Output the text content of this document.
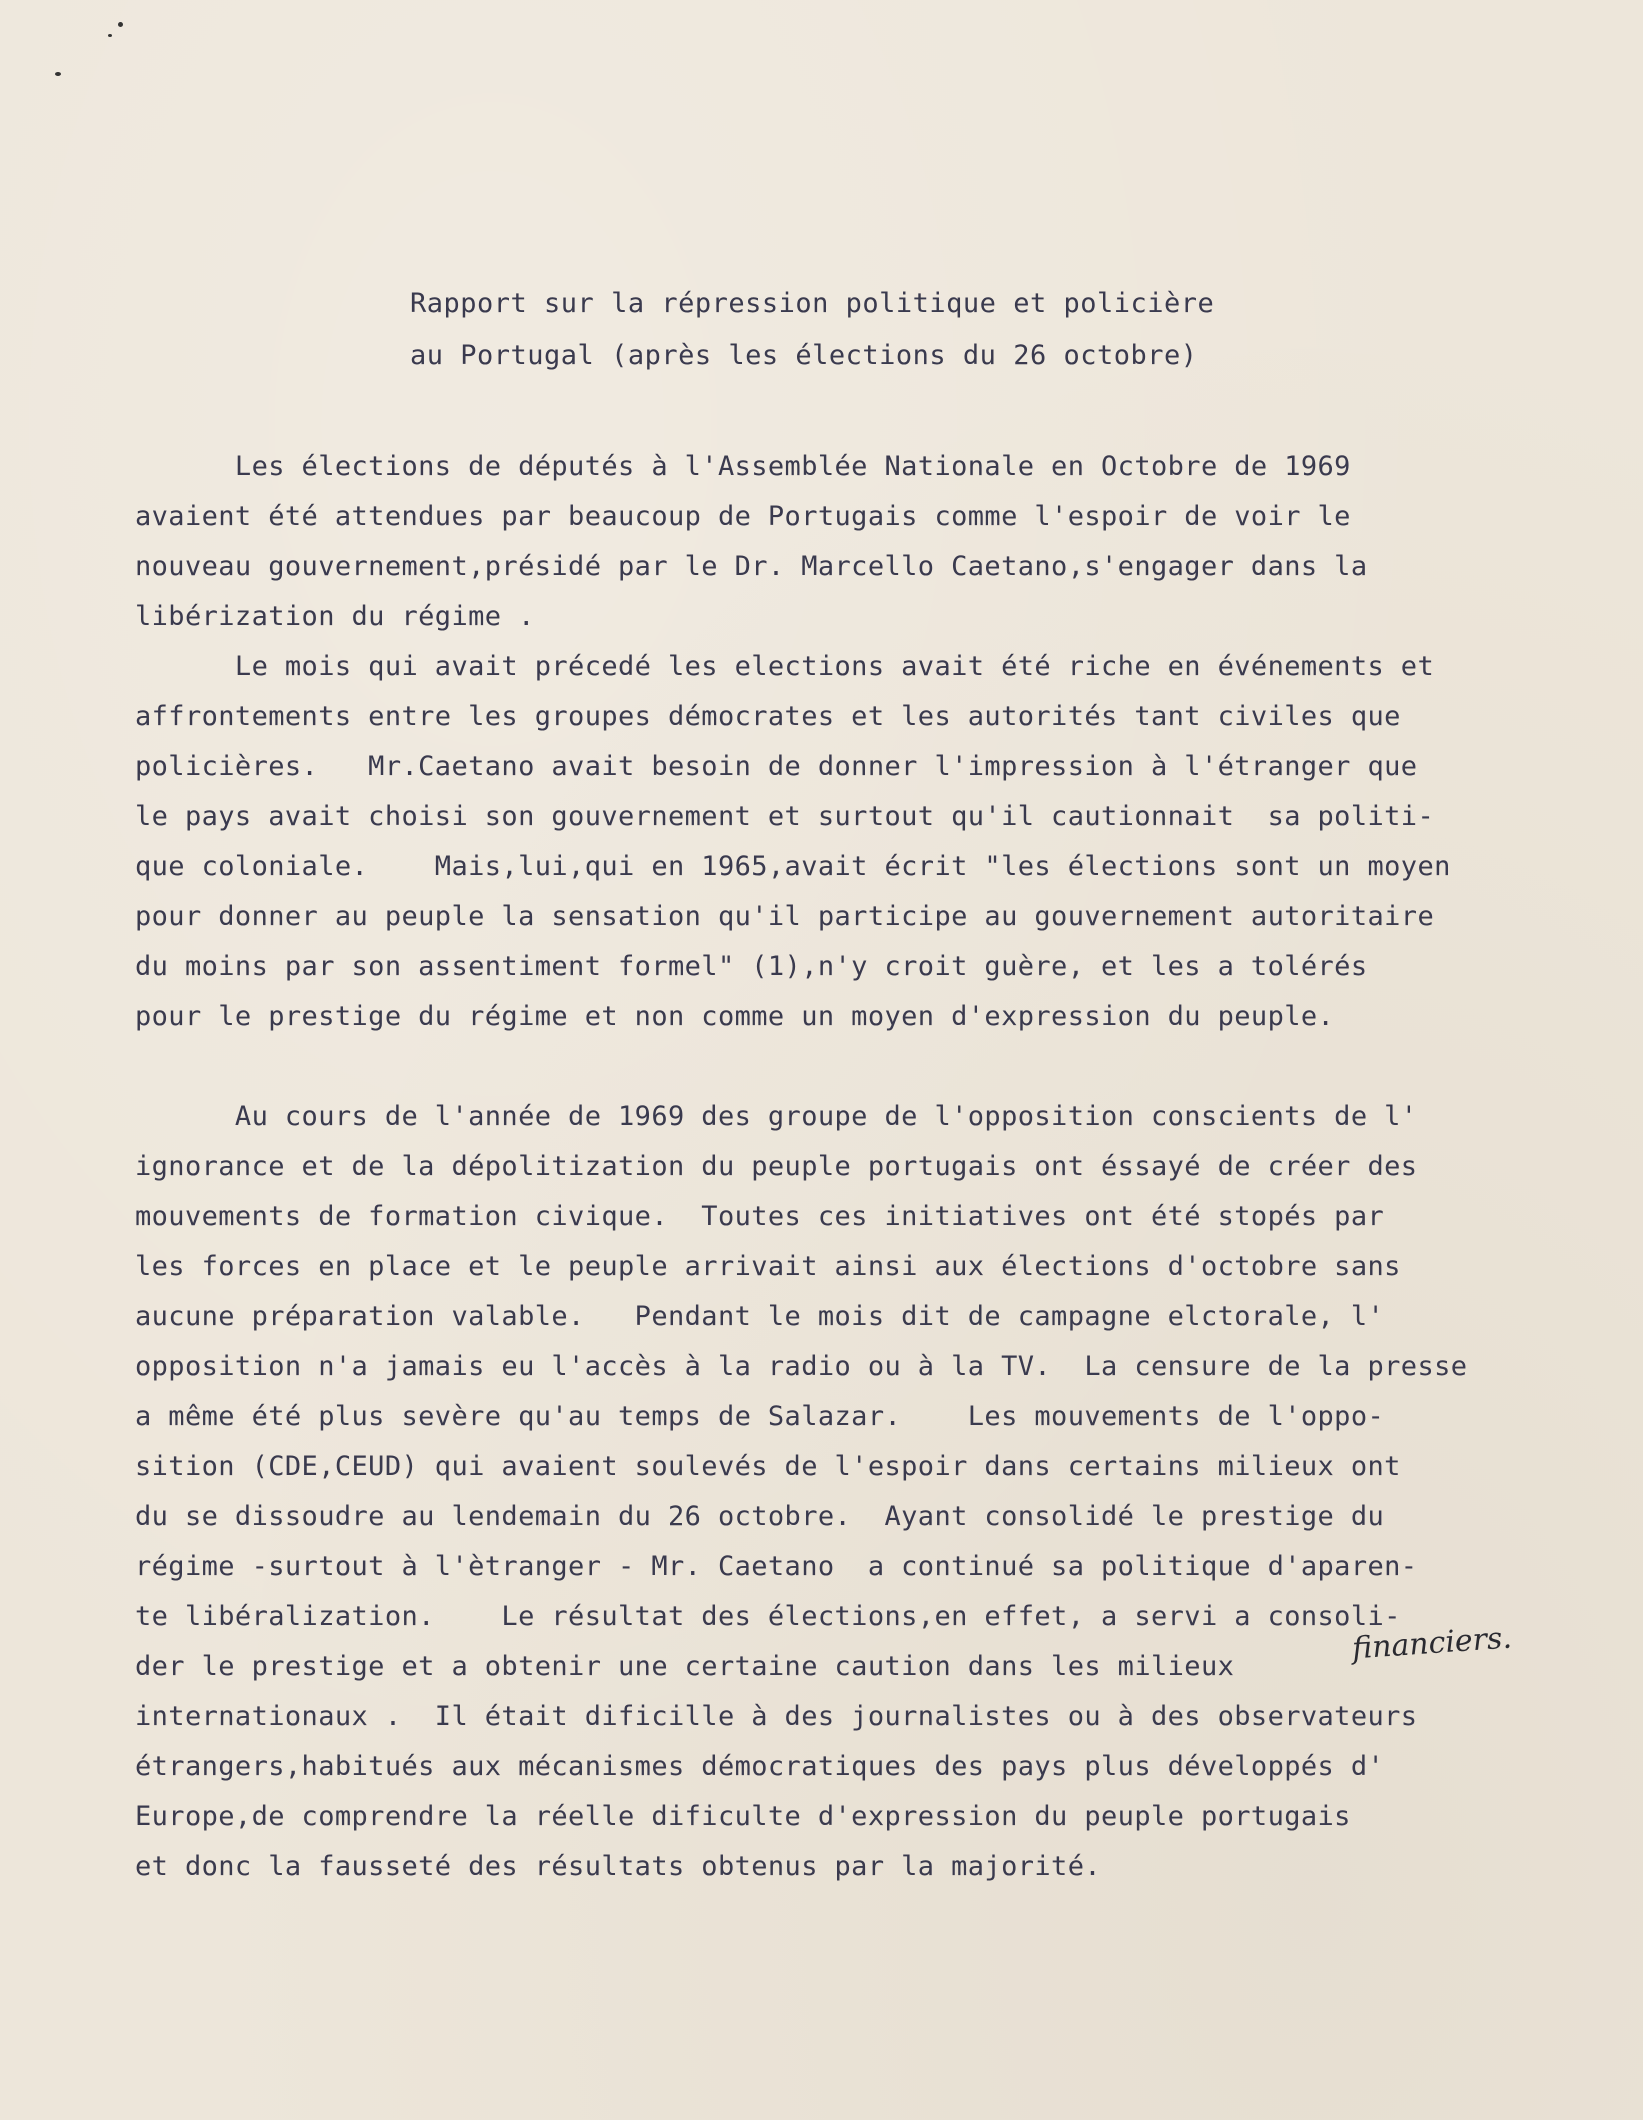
Rapport sur la répression politique et policière
au Portugal (après les élections du 26 octobre)
Les élections de députés à l'Assemblée Nationale en Octobre de 1969
avaient été attendues par beaucoup de Portugais comme l'espoir de voir le
nouveau gouvernement,présidé par le Dr. Marcello Caetano,s'engager dans la
libérization du régime .
Le mois qui avait précedé les elections avait été riche en événements et
affrontements entre les groupes démocrates et les autorités tant civiles que
policières.   Mr.Caetano avait besoin de donner l'impression à l'étranger que
le pays avait choisi son gouvernement et surtout qu'il cautionnait  sa politi-
que coloniale.    Mais,lui,qui en 1965,avait écrit "les élections sont un moyen
pour donner au peuple la sensation qu'il participe au gouvernement autoritaire
du moins par son assentiment formel" (1),n'y croit guère, et les a tolérés
pour le prestige du régime et non comme un moyen d'expression du peuple.
Au cours de l'année de 1969 des groupe de l'opposition conscients de l'
ignorance et de la dépolitization du peuple portugais ont éssayé de créer des
mouvements de formation civique.  Toutes ces initiatives ont été stopés par
les forces en place et le peuple arrivait ainsi aux élections d'octobre sans
aucune préparation valable.   Pendant le mois dit de campagne elctorale, l'
opposition n'a jamais eu l'accès à la radio ou à la TV.  La censure de la presse
a même été plus sevère qu'au temps de Salazar.    Les mouvements de l'oppo-
sition (CDE,CEUD) qui avaient soulevés de l'espoir dans certains milieux ont
du se dissoudre au lendemain du 26 octobre.  Ayant consolidé le prestige du
régime -surtout à l'ètranger - Mr. Caetano  a continué sa politique d'aparen-
te libéralization.    Le résultat des élections,en effet, a servi a consoli-
der le prestige et a obtenir une certaine caution dans les milieux
internationaux .  Il était dificille à des journalistes ou à des observateurs
étrangers,habitués aux mécanismes démocratiques des pays plus développés d'
Europe,de comprendre la réelle dificulte d'expression du peuple portugais
et donc la fausseté des résultats obtenus par la majorité.
financiers.
